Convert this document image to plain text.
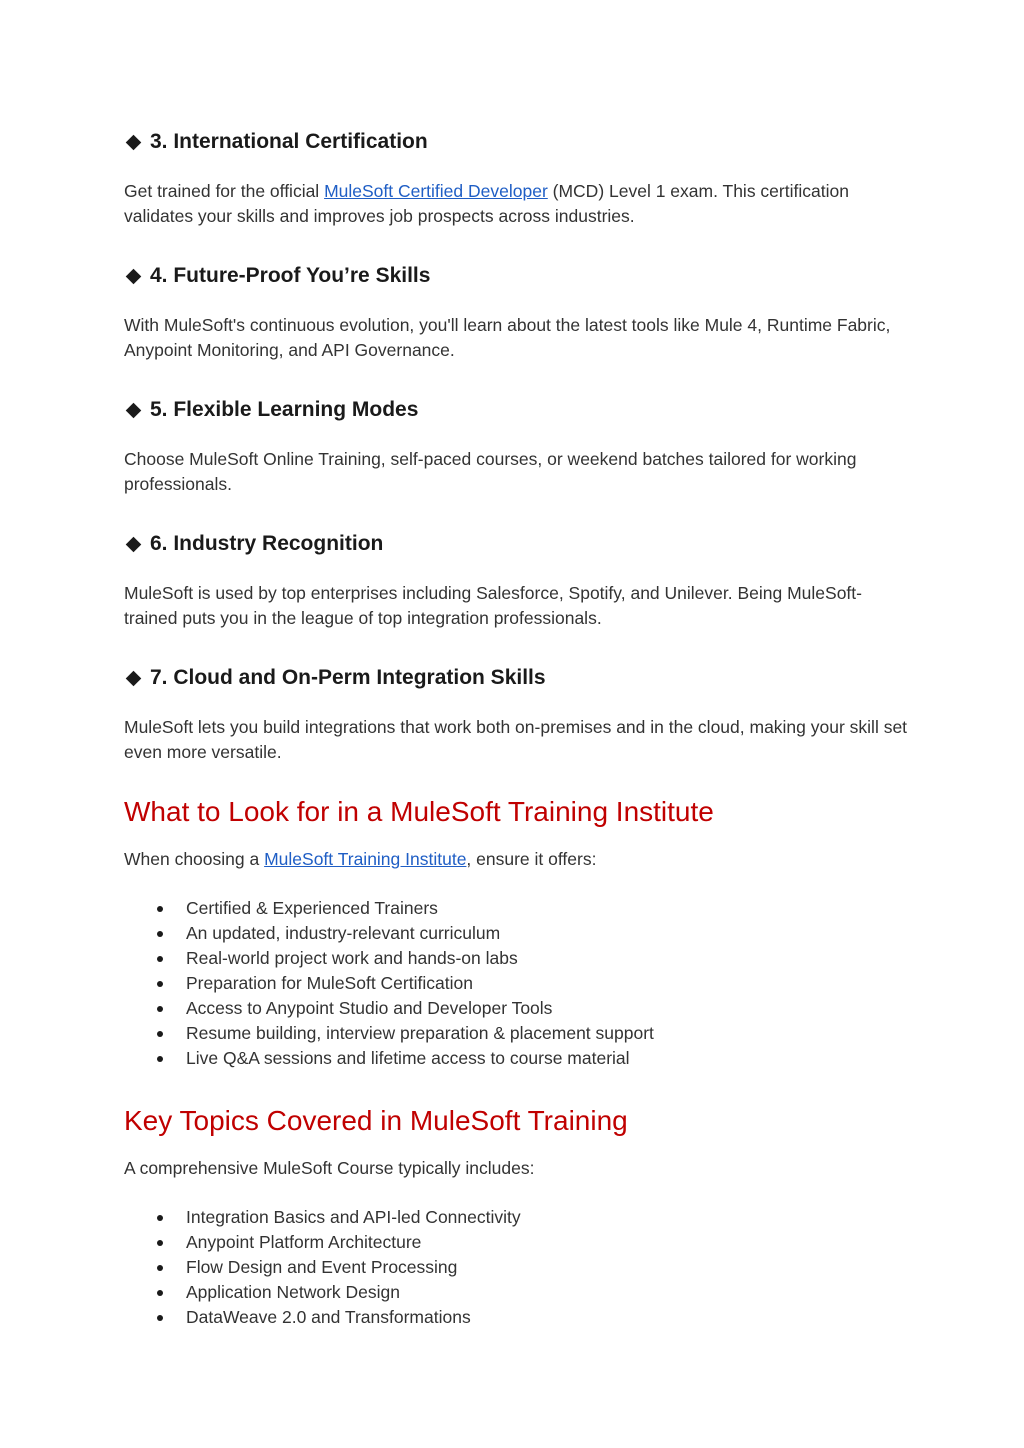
3. International Certification

Get trained for the official MuleSoft Certified Developer (MCD) Level 1 exam. This certification validates your skills and improves job prospects across industries.

4. Future-Proof You’re Skills

With MuleSoft's continuous evolution, you'll learn about the latest tools like Mule 4, Runtime Fabric, Anypoint Monitoring, and API Governance.

5. Flexible Learning Modes

Choose MuleSoft Online Training, self-paced courses, or weekend batches tailored for working professionals.

6. Industry Recognition

MuleSoft is used by top enterprises including Salesforce, Spotify, and Unilever. Being MuleSoft-trained puts you in the league of top integration professionals.

7. Cloud and On-Perm Integration Skills

MuleSoft lets you build integrations that work both on-premises and in the cloud, making your skill set even more versatile.

What to Look for in a MuleSoft Training Institute

When choosing a MuleSoft Training Institute, ensure it offers:

Certified & Experienced Trainers
An updated, industry-relevant curriculum
Real-world project work and hands-on labs
Preparation for MuleSoft Certification
Access to Anypoint Studio and Developer Tools
Resume building, interview preparation & placement support
Live Q&A sessions and lifetime access to course material
Key Topics Covered in MuleSoft Training

A comprehensive MuleSoft Course typically includes:

Integration Basics and API-led Connectivity
Anypoint Platform Architecture
Flow Design and Event Processing
Application Network Design
DataWeave 2.0 and Transformations
